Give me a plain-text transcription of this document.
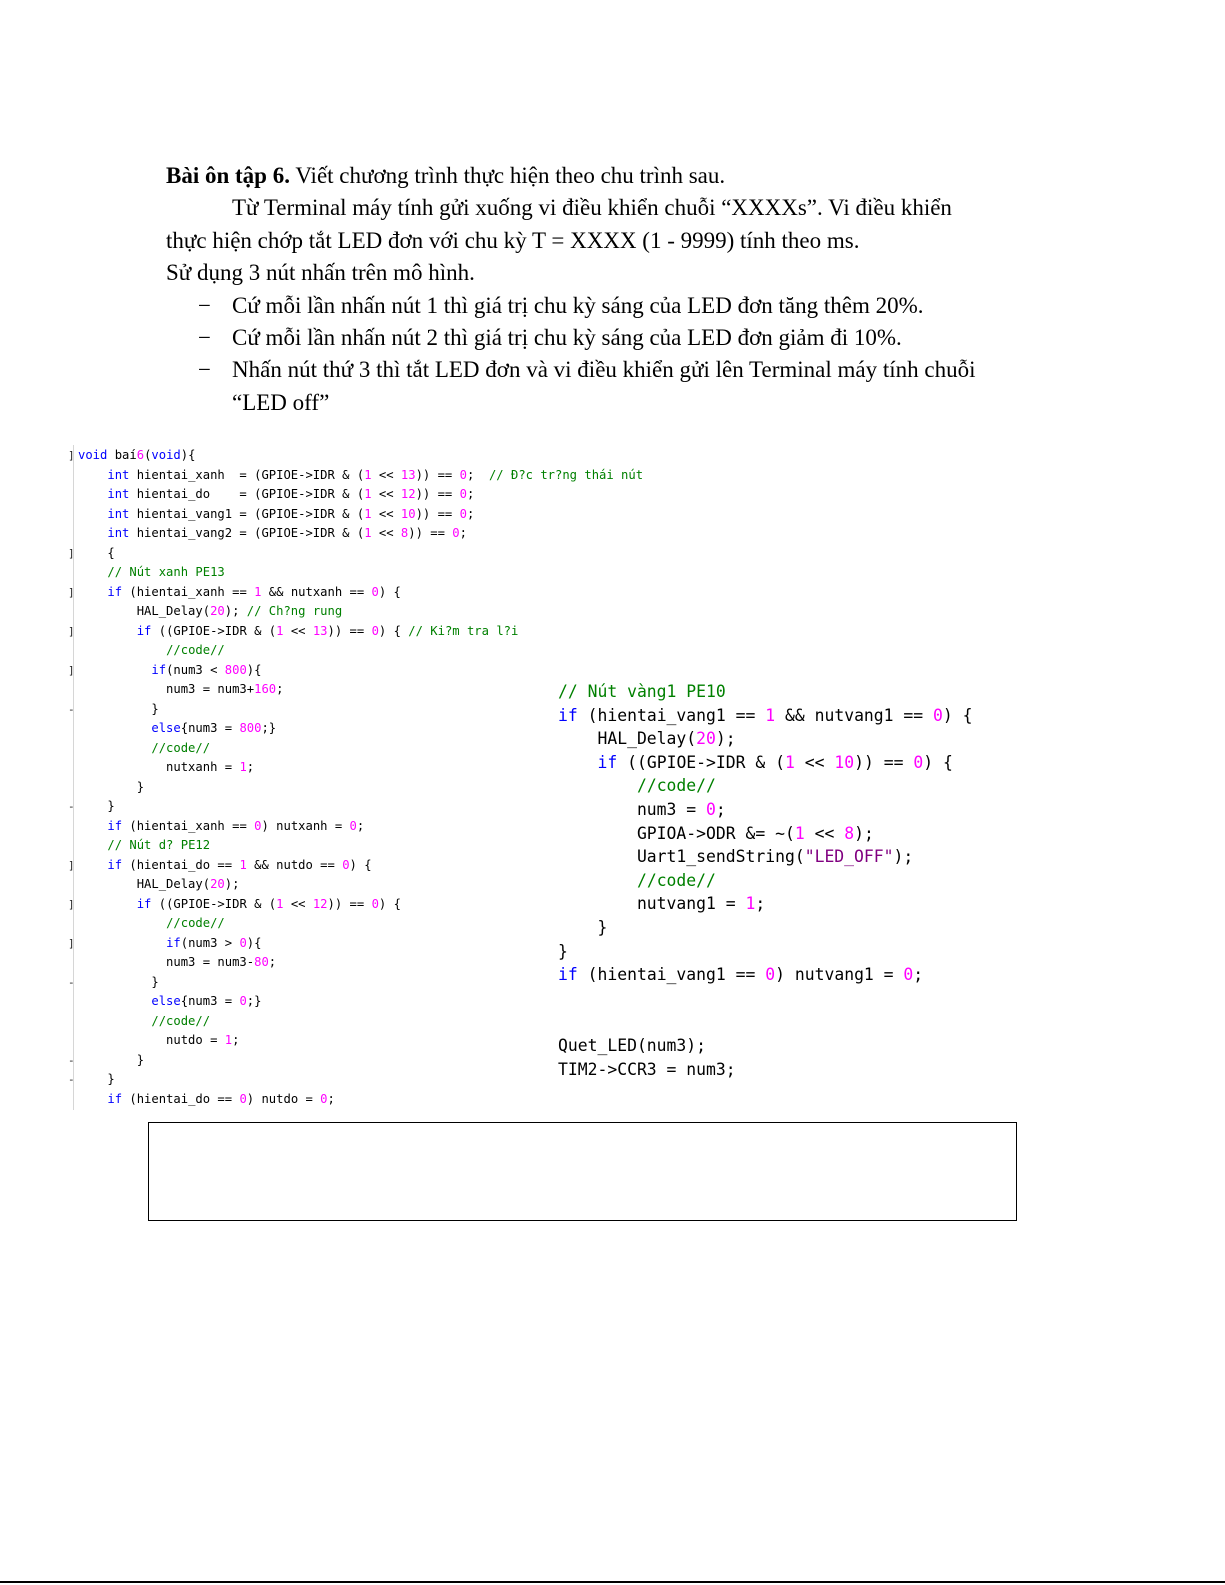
Bài ôn tập 6. Viết chương trình thực hiện theo chu trình sau.

Từ Terminal máy tính gửi xuống vi điều khiển chuỗi “XXXXs”. Vi điều khiển

thực hiện chớp tắt LED đơn với chu kỳ T = XXXX (1 - 9999) tính theo ms.

Sử dụng 3 nút nhấn trên mô hình.

− Cứ mỗi lần nhấn nút 1 thì giá trị chu kỳ sáng của LED đơn tăng thêm 20%.
− Cứ mỗi lần nhấn nút 2 thì giá trị chu kỳ sáng của LED đơn giảm đi 10%.
− Nhấn nút thứ 3 thì tắt LED đơn và vi điều khiển gửi lên Terminal máy tính chuỗi
“LED off”
void baí6(void){
]
int hientai_xanh  = (GPIOE->IDR & (1 << 13)) == 0;  // Ð?c tr?ng thái nút
int hientai_do    = (GPIOE->IDR & (1 << 12)) == 0;
int hientai_vang1 = (GPIOE->IDR & (1 << 10)) == 0;
int hientai_vang2 = (GPIOE->IDR & (1 << 8)) == 0;
{
]
// Nút xanh PE13
if (hientai_xanh == 1 && nutxanh == 0) {
]
HAL_Delay(20); // Ch?ng rung
if ((GPIOE->IDR & (1 << 13)) == 0) { // Ki?m tra l?i
]
//code//
if(num3 < 800){
]
num3 = num3+160;
}
-
else{num3 = 800;}
//code//
nutxanh = 1;
}
}
-
if (hientai_xanh == 0) nutxanh = 0;
// Nút d? PE12
if (hientai_do == 1 && nutdo == 0) {
]
HAL_Delay(20);
if ((GPIOE->IDR & (1 << 12)) == 0) {
]
//code//
if(num3 > 0){
]
num3 = num3-80;
}
-
else{num3 = 0;}
//code//
nutdo = 1;
}
-
}
-
if (hientai_do == 0) nutdo = 0;
// Nút vàng1 PE10
if (hientai_vang1 == 1 && nutvang1 == 0) {
HAL_Delay(20);
if ((GPIOE->IDR & (1 << 10)) == 0) {
//code//
num3 = 0;
GPIOA->ODR &= ~(1 << 8);
Uart1_sendString("LED_OFF");
//code//
nutvang1 = 1;
}
}
if (hientai_vang1 == 0) nutvang1 = 0;
Quet_LED(num3);
TIM2->CCR3 = num3;
